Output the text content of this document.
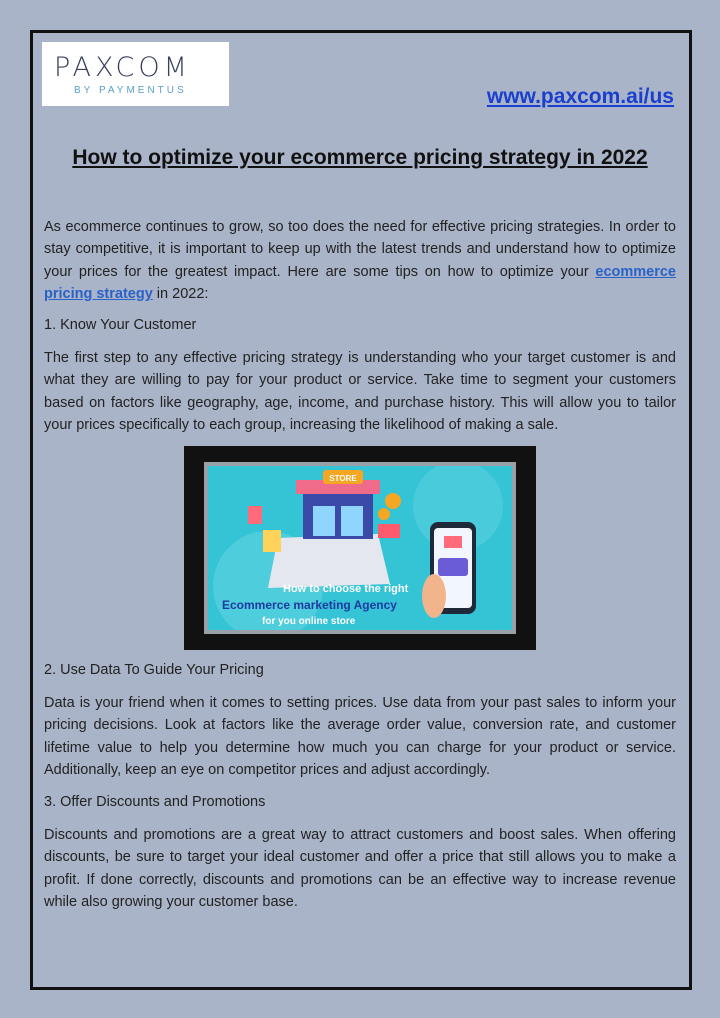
PAXCOM
BY PAYMENTUS	www.paxcom.ai/us
How to optimize your ecommerce pricing strategy in 2022
As ecommerce continues to grow, so too does the need for effective pricing strategies. In order to stay competitive, it is important to keep up with the latest trends and understand how to optimize your prices for the greatest impact. Here are some tips on how to optimize your ecommerce pricing strategy in 2022:
1. Know Your Customer
The first step to any effective pricing strategy is understanding who your target customer is and what they are willing to pay for your product or service. Take time to segment your customers based on factors like geography, age, income, and purchase history. This will allow you to tailor your prices specifically to each group, increasing the likelihood of making a sale.
STORE
How to choose the right
Ecommerce marketing Agency
for you online store
2. Use Data To Guide Your Pricing
Data is your friend when it comes to setting prices. Use data from your past sales to inform your pricing decisions. Look at factors like the average order value, conversion rate, and customer lifetime value to help you determine how much you can charge for your product or service. Additionally, keep an eye on competitor prices and adjust accordingly.
3. Offer Discounts and Promotions
Discounts and promotions are a great way to attract customers and boost sales. When offering discounts, be sure to target your ideal customer and offer a price that still allows you to make a profit. If done correctly, discounts and promotions can be an effective way to increase revenue while also growing your customer base.
